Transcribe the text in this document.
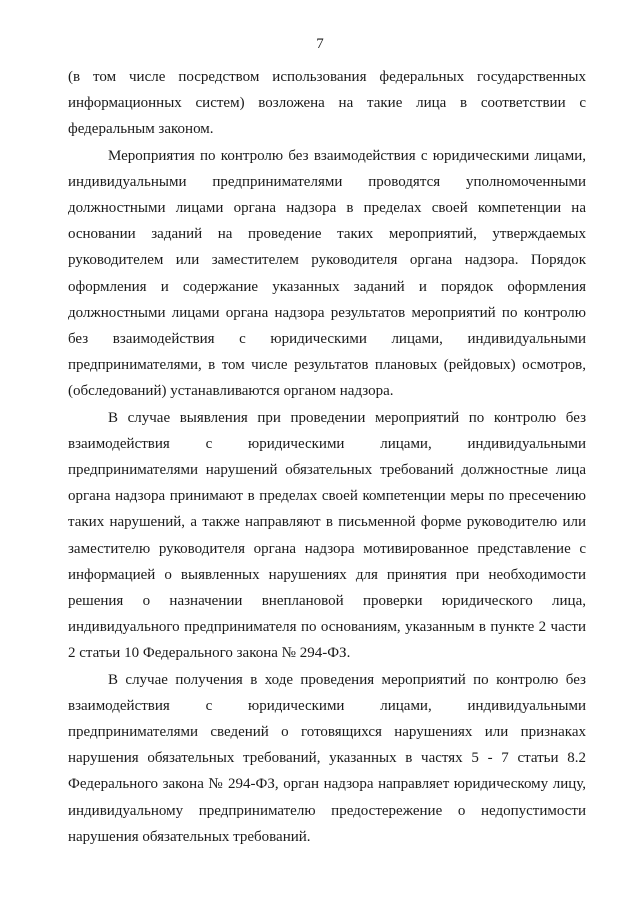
7
(в том числе посредством использования федеральных государственных
информационных систем) возложена на такие лица в соответствии с
федеральным законом.
Мероприятия по контролю без взаимодействия с юридическими лицами,
индивидуальными предпринимателями проводятся уполномоченными
должностными лицами органа надзора в пределах своей компетенции на
основании заданий на проведение таких мероприятий, утверждаемых
руководителем или заместителем руководителя органа надзора. Порядок
оформления и содержание указанных заданий и порядок оформления
должностными лицами органа надзора результатов мероприятий по контролю
без взаимодействия с юридическими лицами, индивидуальными
предпринимателями, в том числе результатов плановых (рейдовых) осмотров,
(обследований) устанавливаются органом надзора.
В случае выявления при проведении мероприятий по контролю без
взаимодействия с юридическими лицами, индивидуальными
предпринимателями нарушений обязательных требований должностные лица
органа надзора принимают в пределах своей компетенции меры по пресечению
таких нарушений, а также направляют в письменной форме руководителю или
заместителю руководителя органа надзора мотивированное представление с
информацией о выявленных нарушениях для принятия при необходимости
решения о назначении внеплановой проверки юридического лица,
индивидуального предпринимателя по основаниям, указанным в пункте 2 части
2 статьи 10 Федерального закона № 294-ФЗ.
В случае получения в ходе проведения мероприятий по контролю без
взаимодействия с юридическими лицами, индивидуальными
предпринимателями сведений о готовящихся нарушениях или признаках
нарушения обязательных требований, указанных в частях 5 - 7 статьи 8.2
Федерального закона № 294-ФЗ, орган надзора направляет юридическому лицу,
индивидуальному предпринимателю предостережение о недопустимости
нарушения обязательных требований.
